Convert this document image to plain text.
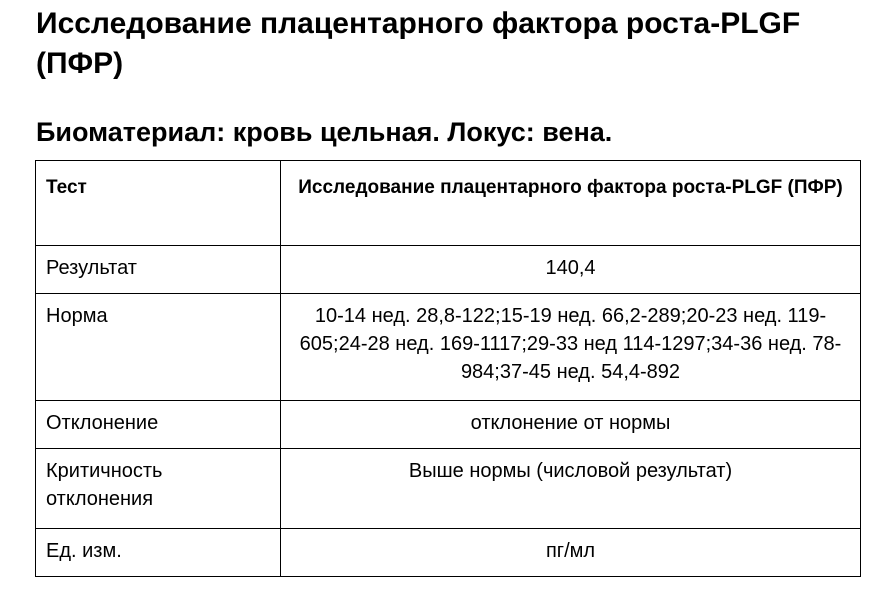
Исследование плацентарного фактора роста-PLGF (ПФР)
Биоматериал: кровь цельная. Локус: вена.
Тест	Исследование плацентарного фактора роста-PLGF (ПФР)
Результат	140,4
Норма	10-14 нед. 28,8-122;15-19 нед. 66,2-289;20-23 нед. 119-605;24-28 нед. 169-1117;29-33 нед 114-1297;34-36 нед. 78-984;37-45 нед. 54,4-892
Отклонение	отклонение от нормы
Критичность отклонения	Выше нормы (числовой результат)
Ед. изм.	пг/мл
